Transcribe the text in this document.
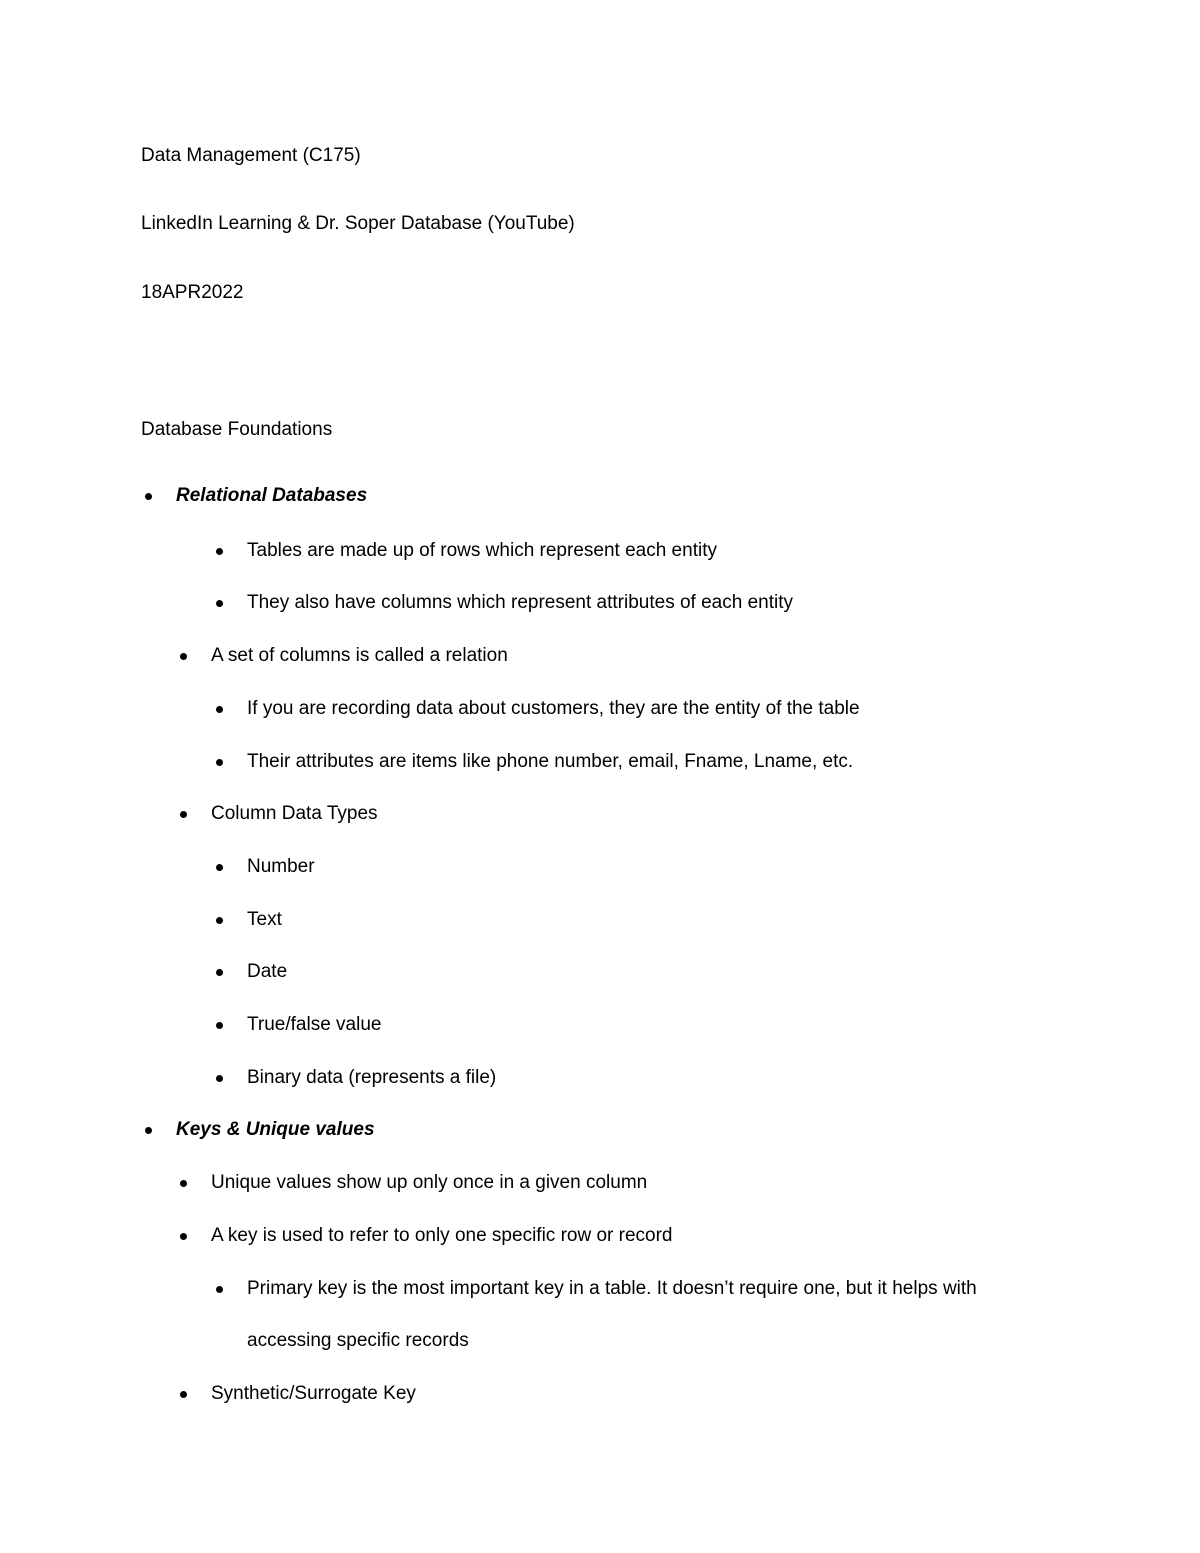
Data Management (C175)
LinkedIn Learning & Dr. Soper Database (YouTube)
18APR2022
Database Foundations
Relational Databases
Tables are made up of rows which represent each entity
They also have columns which represent attributes of each entity
A set of columns is called a relation
If you are recording data about customers, they are the entity of the table
Their attributes are items like phone number, email, Fname, Lname, etc.
Column Data Types
Number
Text
Date
True/false value
Binary data (represents a file)
Keys & Unique values
Unique values show up only once in a given column
A key is used to refer to only one specific row or record
Primary key is the most important key in a table. It doesn’t require one, but it helps with
accessing specific records
Synthetic/Surrogate Key
